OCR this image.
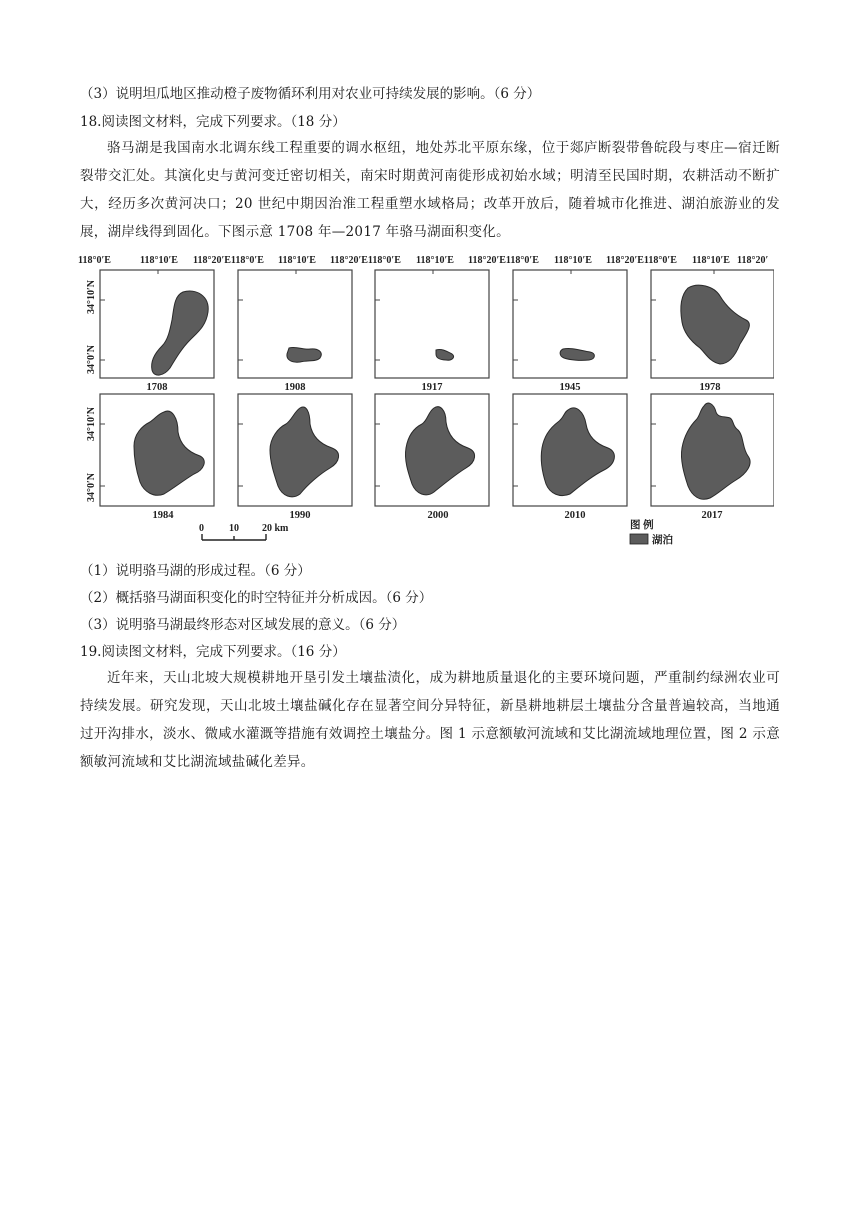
（3）说明坦瓜地区推动橙子废物循环利用对农业可持续发展的影响。（6 分）
18.阅读图文材料，完成下列要求。（18 分）
骆马湖是我国南水北调东线工程重要的调水枢纽，地处苏北平原东缘，位于郯庐断裂带鲁皖段与枣庄—宿迁断裂带交汇处。其演化史与黄河变迁密切相关，南宋时期黄河南徙形成初始水域；明清至民国时期，农耕活动不断扩大，经历多次黄河决口；20 世纪中期因治淮工程重塑水域格局；改革开放后，随着城市化推进、湖泊旅游业的发展，湖岸线得到固化。下图示意 1708 年—2017 年骆马湖面积变化。
118°0′E	118°10′E 118°20′E118°0′E 118°10′E 118°20′E118°0′E 118°10′E 118°20′E118°0′E 118°10′E 118°20′E118°0′E 118°10′E 118°20′
34°10′N
34°0′N
34°10′N
34°0′N
1708	1908	1917	1945	1978
1984	1990	2000	2010	2017
0	10 20 km	图 例
湖泊
（1）说明骆马湖的形成过程。（6 分）
（2）概括骆马湖面积变化的时空特征并分析成因。（6 分）
（3）说明骆马湖最终形态对区域发展的意义。（6 分）
19.阅读图文材料，完成下列要求。（16 分）
近年来，天山北坡大规模耕地开垦引发土壤盐渍化，成为耕地质量退化的主要环境问题，严重制约绿洲农业可持续发展。研究发现，天山北坡土壤盐碱化存在显著空间分异特征，新垦耕地耕层土壤盐分含量普遍较高，当地通过开沟排水，淡水、微咸水灌溉等措施有效调控土壤盐分。图 1 示意额敏河流域和艾比湖流域地理位置，图 2 示意额敏河流域和艾比湖流域盐碱化差异。
